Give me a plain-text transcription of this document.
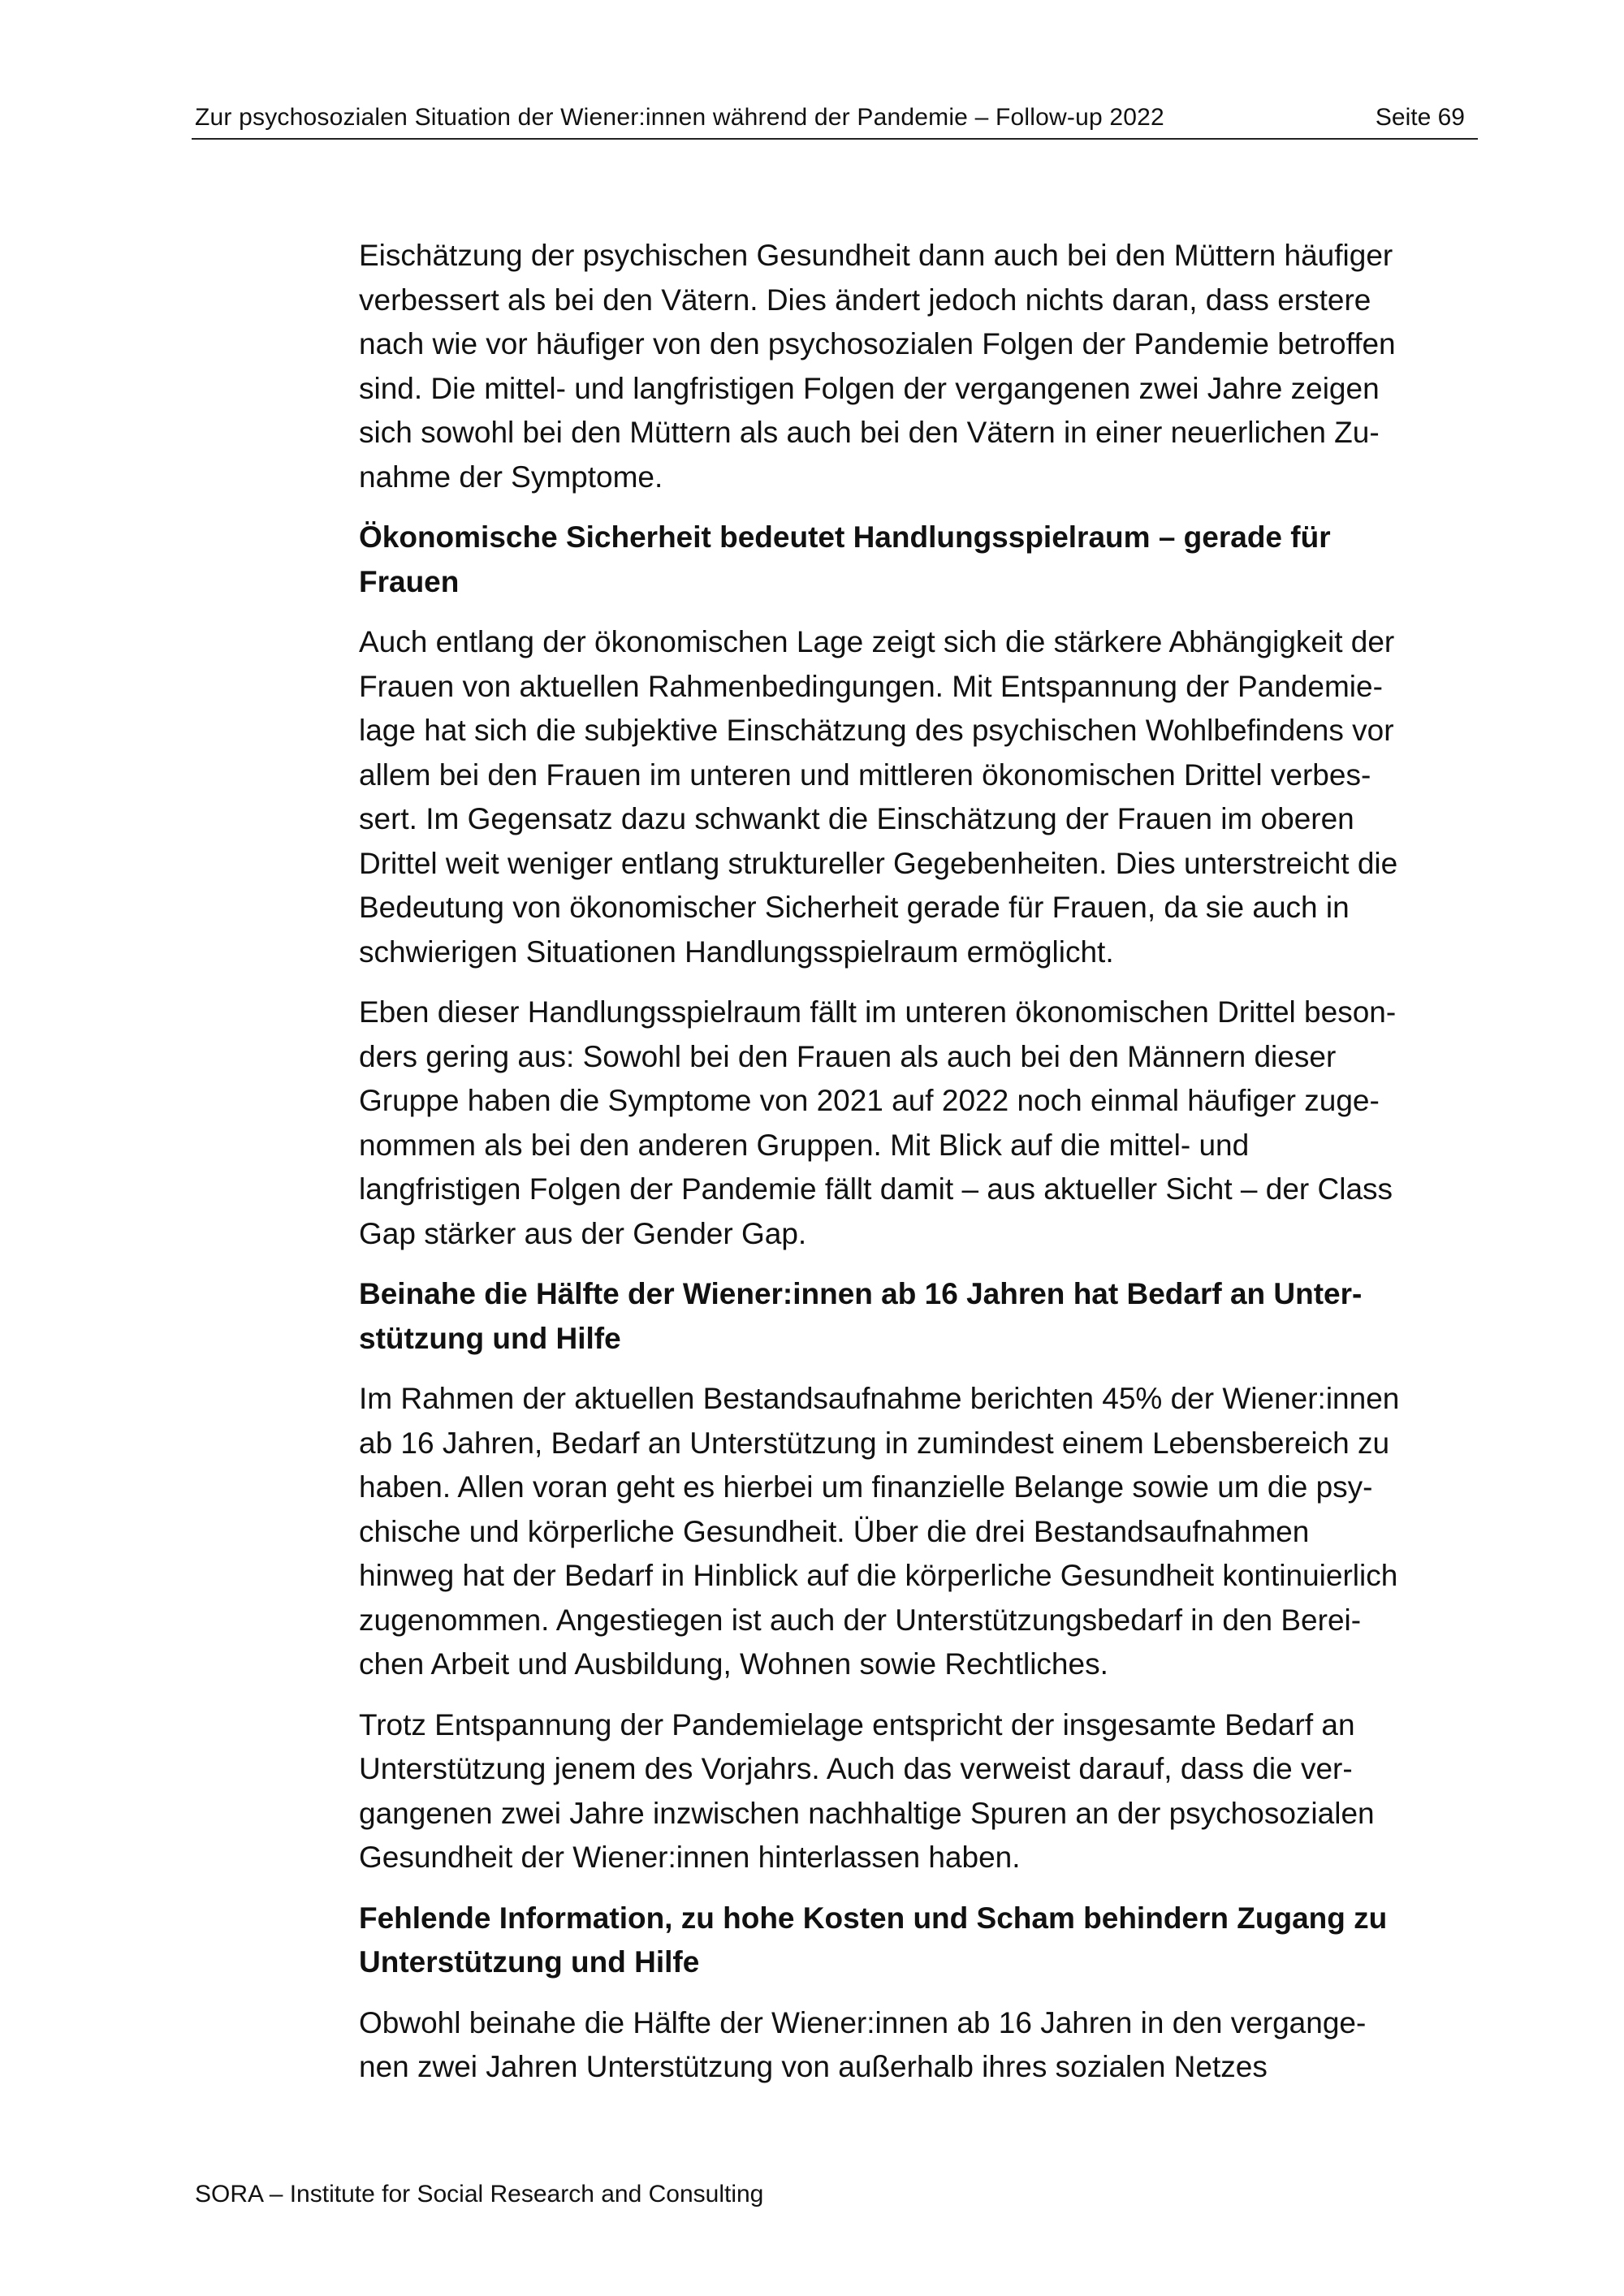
Zur psychosozialen Situation der Wiener:innen während der Pandemie – Follow-up 2022	Seite 69

Eischätzung der psychischen Gesundheit dann auch bei den Müttern häufiger
verbessert als bei den Vätern. Dies ändert jedoch nichts daran, dass erstere
nach wie vor häufiger von den psychosozialen Folgen der Pandemie betroffen
sind. Die mittel- und langfristigen Folgen der vergangenen zwei Jahre zeigen
sich sowohl bei den Müttern als auch bei den Vätern in einer neuerlichen Zu-
nahme der Symptome.

Ökonomische Sicherheit bedeutet Handlungsspielraum – gerade für
Frauen

Auch entlang der ökonomischen Lage zeigt sich die stärkere Abhängigkeit der
Frauen von aktuellen Rahmenbedingungen. Mit Entspannung der Pandemie-
lage hat sich die subjektive Einschätzung des psychischen Wohlbefindens vor
allem bei den Frauen im unteren und mittleren ökonomischen Drittel verbes-
sert. Im Gegensatz dazu schwankt die Einschätzung der Frauen im oberen
Drittel weit weniger entlang struktureller Gegebenheiten. Dies unterstreicht die
Bedeutung von ökonomischer Sicherheit gerade für Frauen, da sie auch in
schwierigen Situationen Handlungsspielraum ermöglicht.

Eben dieser Handlungsspielraum fällt im unteren ökonomischen Drittel beson-
ders gering aus: Sowohl bei den Frauen als auch bei den Männern dieser
Gruppe haben die Symptome von 2021 auf 2022 noch einmal häufiger zuge-
nommen als bei den anderen Gruppen. Mit Blick auf die mittel- und
langfristigen Folgen der Pandemie fällt damit – aus aktueller Sicht – der Class
Gap stärker aus der Gender Gap.

Beinahe die Hälfte der Wiener:innen ab 16 Jahren hat Bedarf an Unter-
stützung und Hilfe

Im Rahmen der aktuellen Bestandsaufnahme berichten 45% der Wiener:innen
ab 16 Jahren, Bedarf an Unterstützung in zumindest einem Lebensbereich zu
haben. Allen voran geht es hierbei um finanzielle Belange sowie um die psy-
chische und körperliche Gesundheit. Über die drei Bestandsaufnahmen
hinweg hat der Bedarf in Hinblick auf die körperliche Gesundheit kontinuierlich
zugenommen. Angestiegen ist auch der Unterstützungsbedarf in den Berei-
chen Arbeit und Ausbildung, Wohnen sowie Rechtliches.

Trotz Entspannung der Pandemielage entspricht der insgesamte Bedarf an
Unterstützung jenem des Vorjahrs. Auch das verweist darauf, dass die ver-
gangenen zwei Jahre inzwischen nachhaltige Spuren an der psychosozialen
Gesundheit der Wiener:innen hinterlassen haben.

Fehlende Information, zu hohe Kosten und Scham behindern Zugang zu
Unterstützung und Hilfe

Obwohl beinahe die Hälfte der Wiener:innen ab 16 Jahren in den vergange-
nen zwei Jahren Unterstützung von außerhalb ihres sozialen Netzes

SORA – Institute for Social Research and Consulting
